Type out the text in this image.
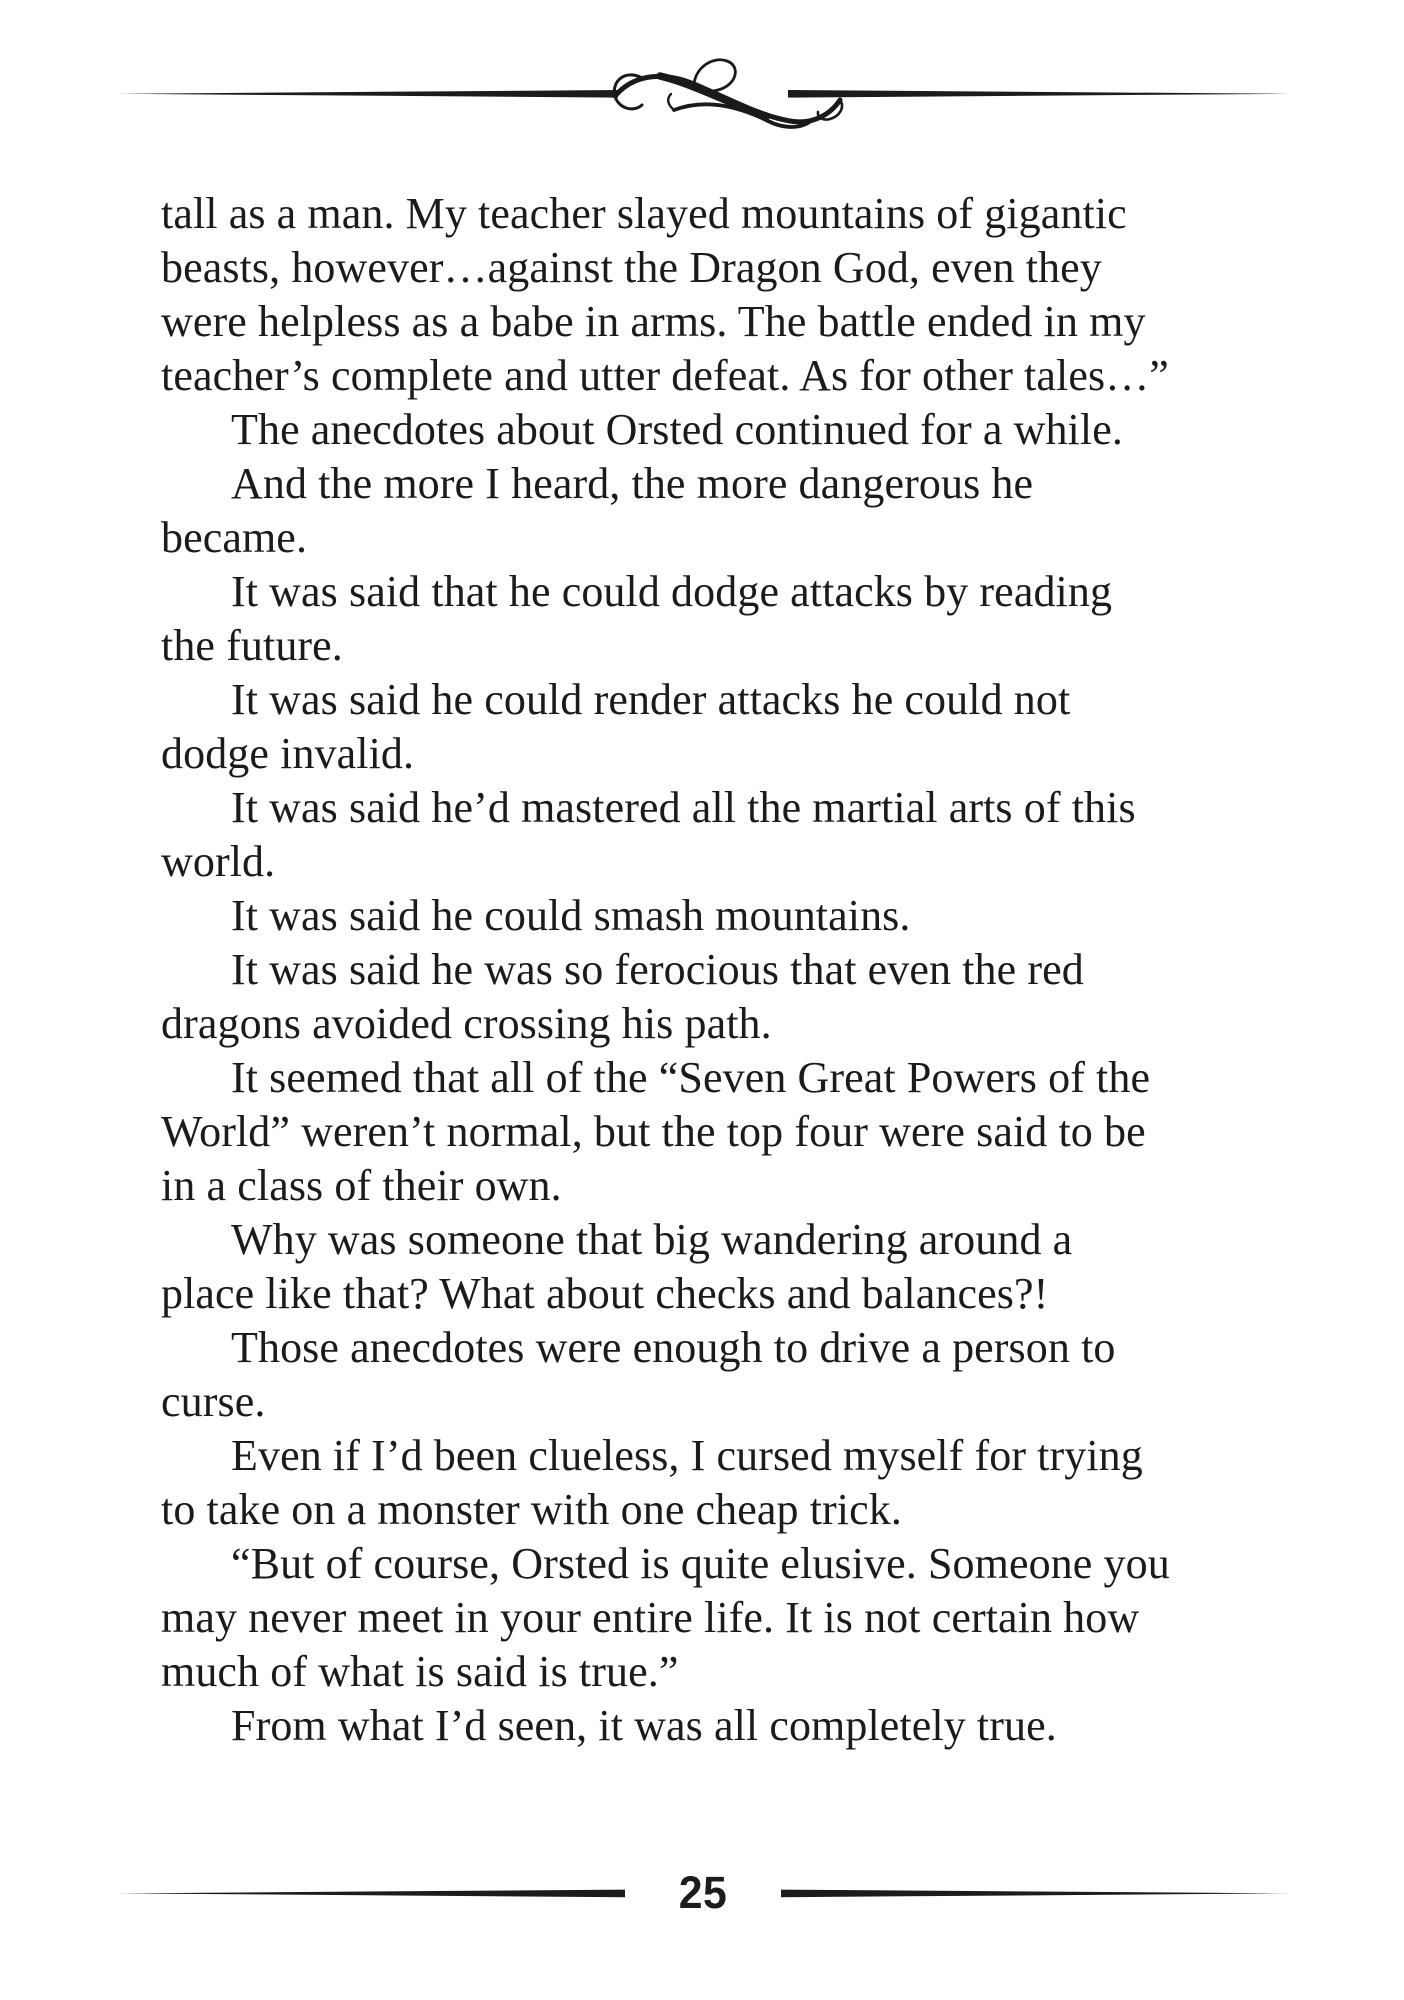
tall as a man. My teacher slayed mountains of gigantic
beasts, however…against the Dragon God, even they
were helpless as a babe in arms. The battle ended in my
teacher’s complete and utter defeat. As for other tales…”
The anecdotes about Orsted continued for a while.
And the more I heard, the more dangerous he
became.
It was said that he could dodge attacks by reading
the future.
It was said he could render attacks he could not
dodge invalid.
It was said he’d mastered all the martial arts of this
world.
It was said he could smash mountains.
It was said he was so ferocious that even the red
dragons avoided crossing his path.
It seemed that all of the “Seven Great Powers of the
World” weren’t normal, but the top four were said to be
in a class of their own.
Why was someone that big wandering around a
place like that? What about checks and balances?!
Those anecdotes were enough to drive a person to
curse.
Even if I’d been clueless, I cursed myself for trying
to take on a monster with one cheap trick.
“But of course, Orsted is quite elusive. Someone you
may never meet in your entire life. It is not certain how
much of what is said is true.”
From what I’d seen, it was all completely true.
25
